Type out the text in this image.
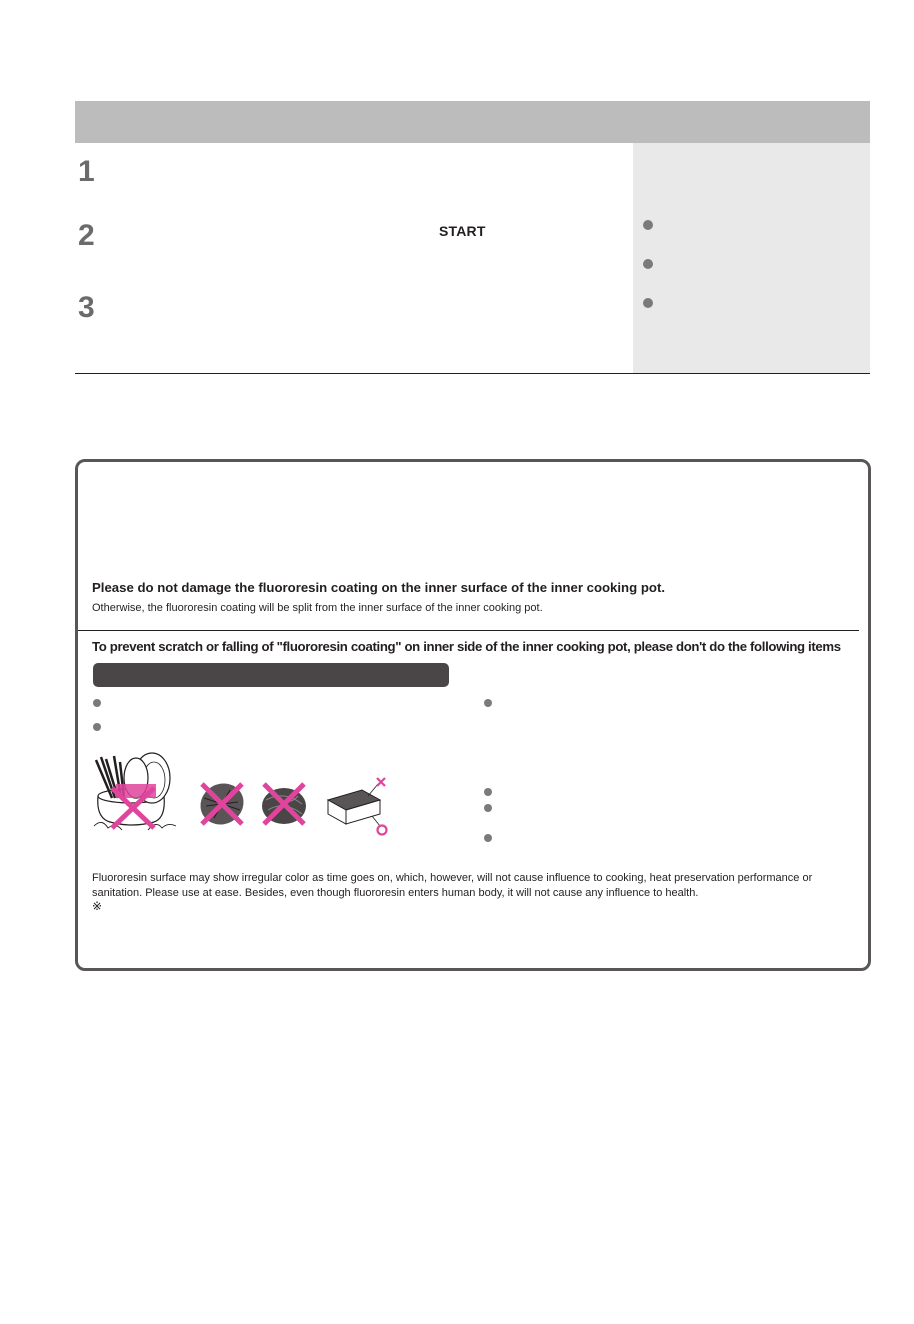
1
2
3
START
Please do not damage the fluororesin coating on the inner surface of the inner cooking pot.
Otherwise, the fluororesin coating will be split from the inner surface of the inner cooking pot.
To prevent scratch or falling of "fluororesin coating" on inner side of the inner cooking pot, please don't do the following items
Fluororesin surface may show irregular color as time goes on, which, however, will not cause influence to cooking, heat preservation performance or sanitation. Please use at ease. Besides, even though fluororesin enters human body, it will not cause any influence to health.
※
